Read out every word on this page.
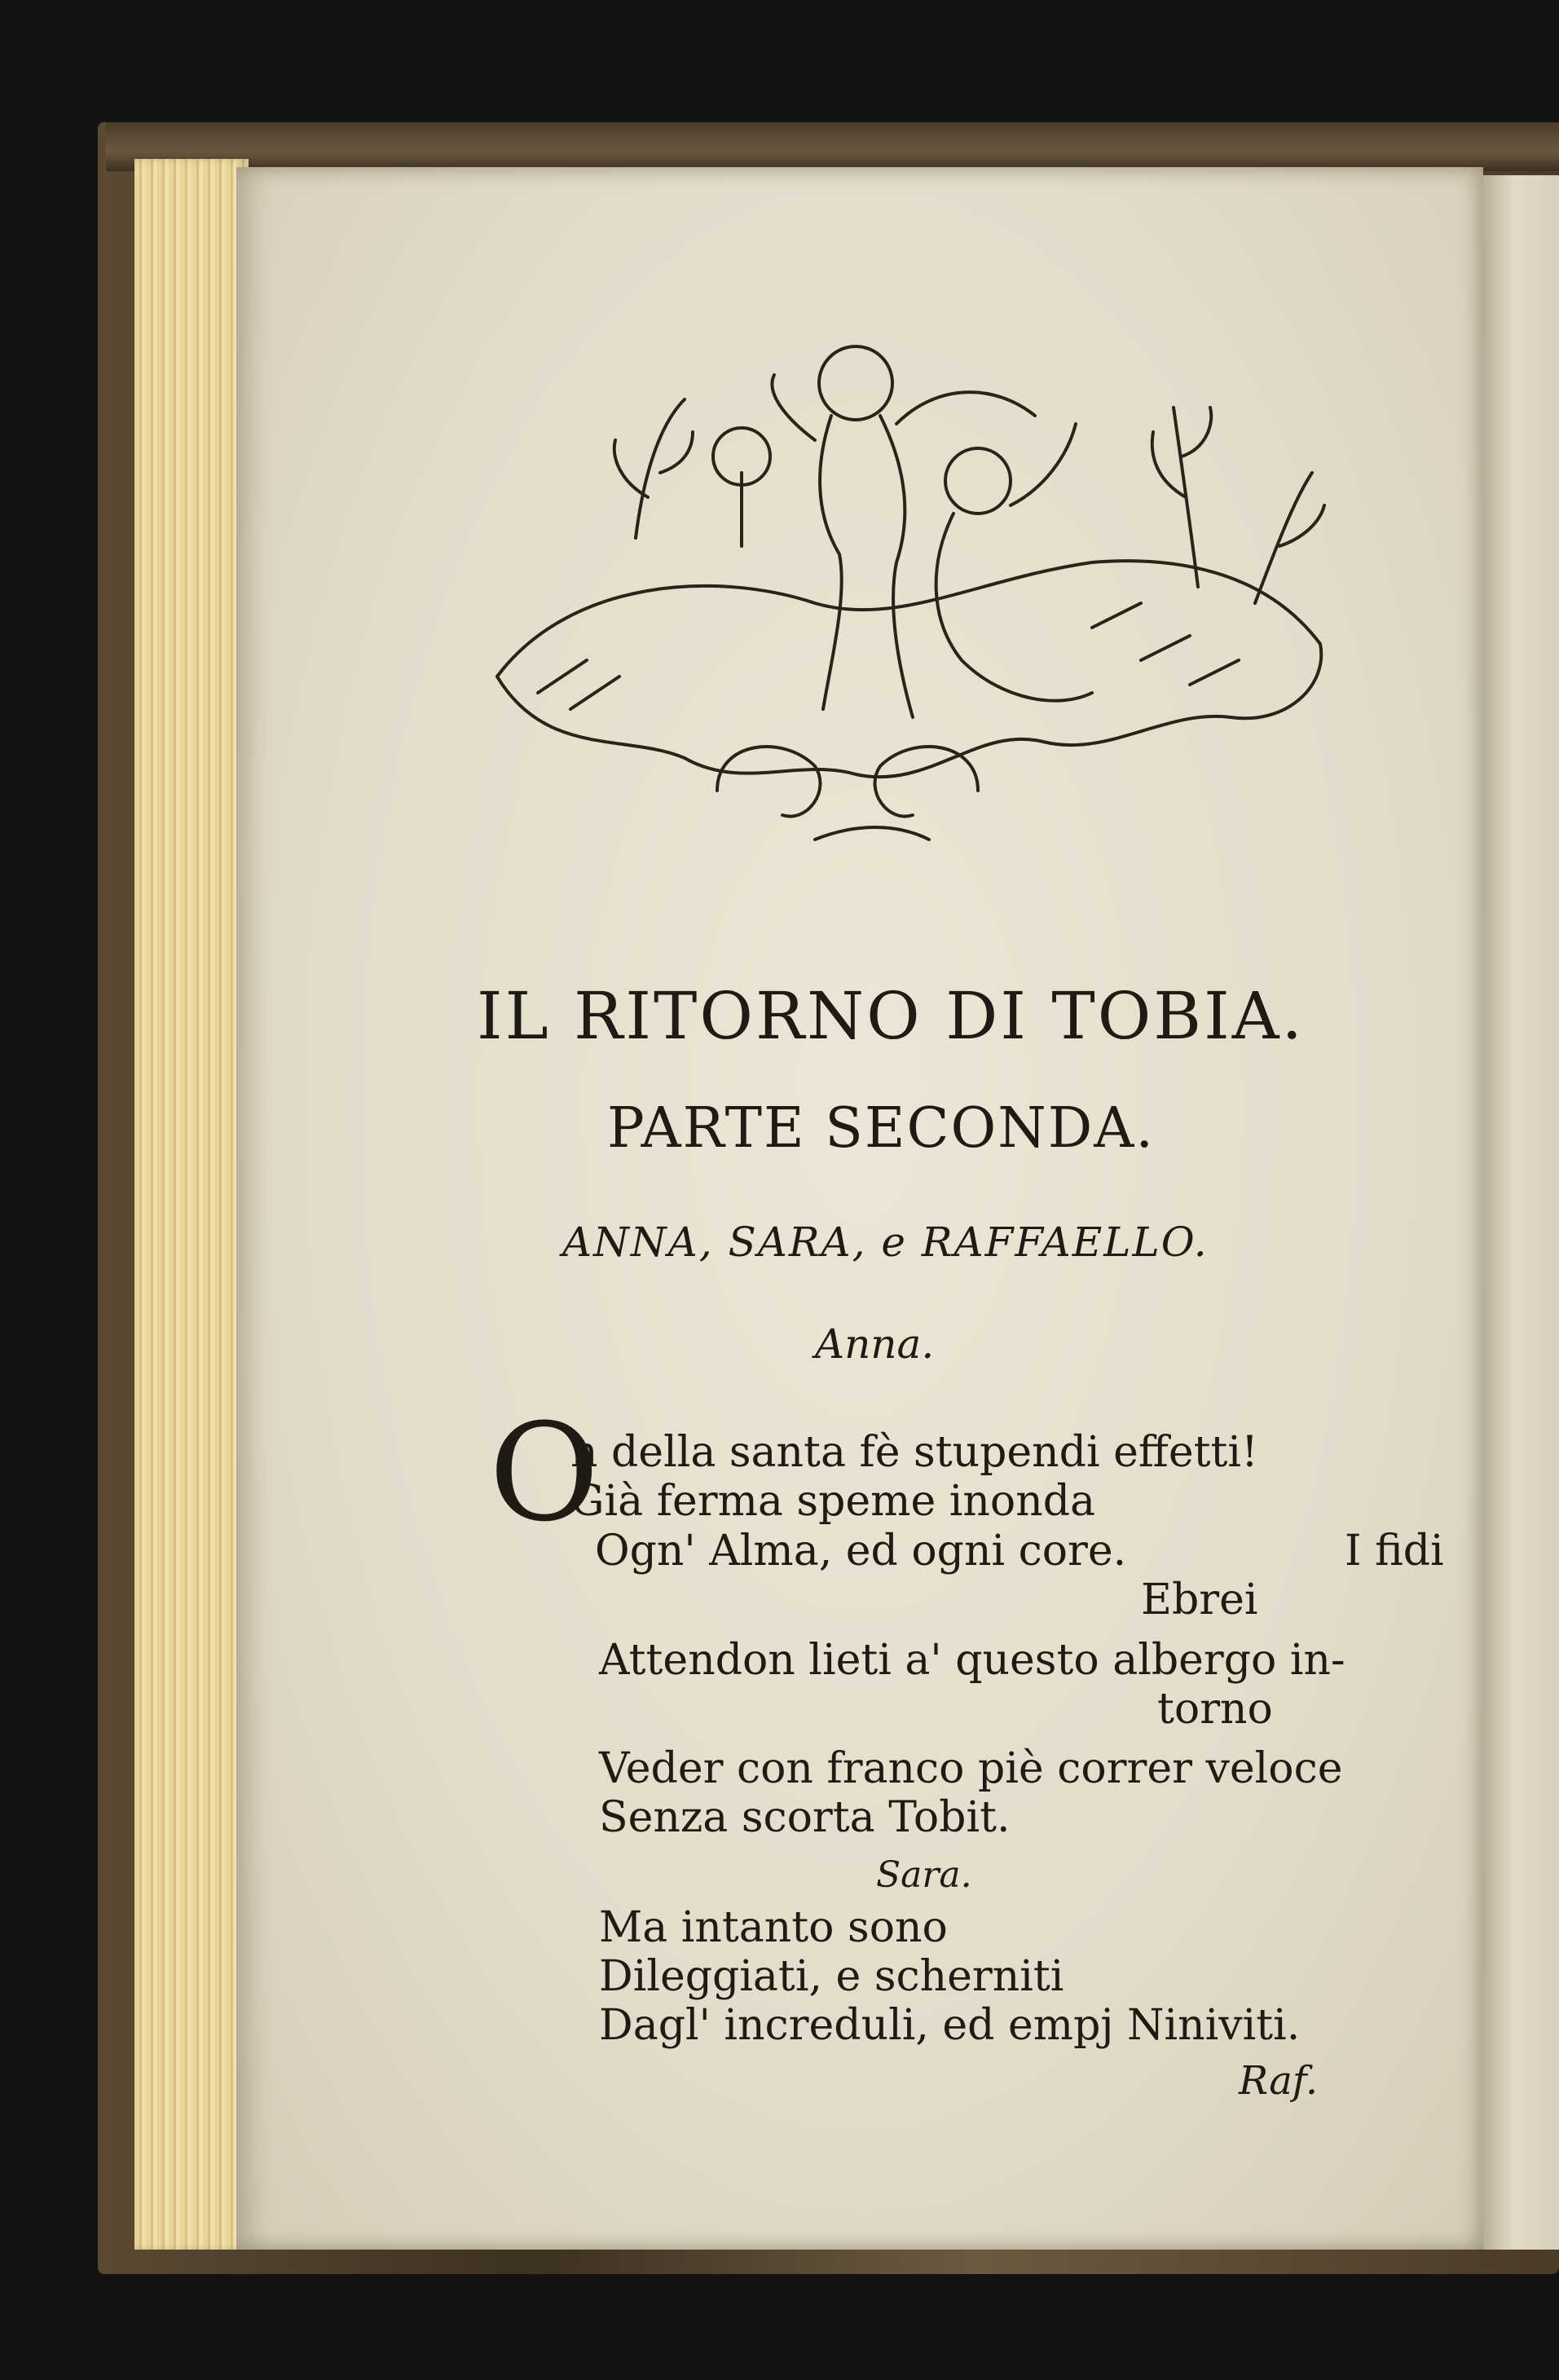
IL RITORNO DI TOBIA.
PARTE SECONDA.
ANNA, SARA, e RAFFAELLO.
Anna.
O
h della santa fè stupendi effetti!
Già ferma speme inonda
Ogn' Alma, ed ogni core.	I fidi
Ebrei
Attendon lieti a' questo albergo in-
torno
Veder con franco piè correr veloce
Senza scorta Tobit.
Sara.
Ma intanto sono
Dileggiati, e scherniti
Dagl' increduli, ed empj Niniviti.
Raf.
